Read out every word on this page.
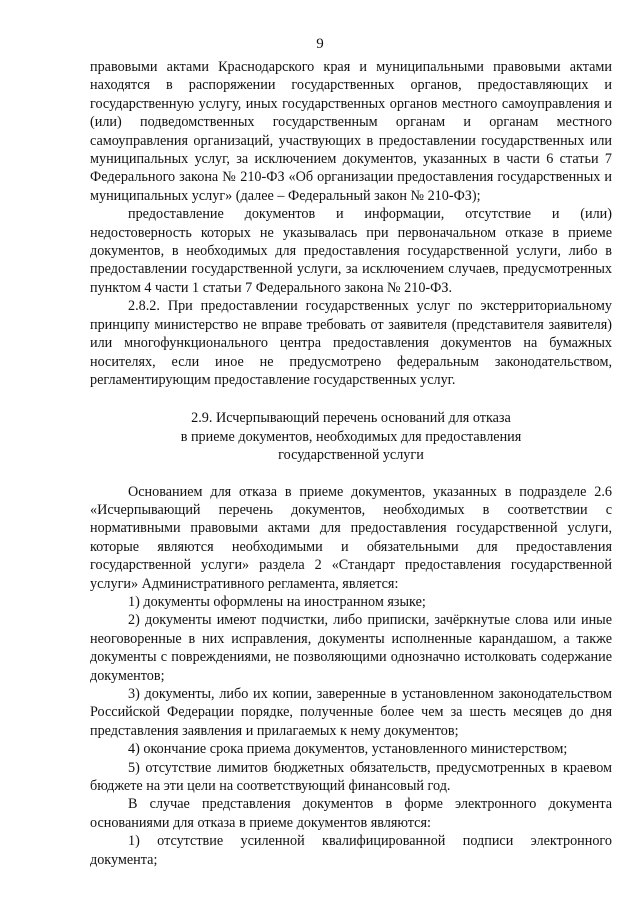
9

правовыми актами Краснодарского края и муниципальными правовыми актами находятся в распоряжении государственных органов, предоставляющих и государственную услугу, иных государственных органов местного самоуправления и (или) подведомственных государственным органам и органам местного самоуправления организаций, участвующих в предоставлении государственных или муниципальных услуг, за исключением документов, указанных в части 6 статьи 7 Федерального закона № 210-ФЗ «Об организации предоставления государственных и муниципальных услуг» (далее – Федеральный закон № 210-ФЗ);

предоставление документов и информации, отсутствие и (или) недостоверность которых не указывалась при первоначальном отказе в приеме документов, в необходимых для предоставления государственной услуги, либо в предоставлении государственной услуги, за исключением случаев, предусмотренных пунктом 4 части 1 статьи 7 Федерального закона № 210-ФЗ.

2.8.2. При предоставлении государственных услуг по экстерриториальному принципу министерство не вправе требовать от заявителя (представителя заявителя) или многофункционального центра предоставления документов на бумажных носителях, если иное не предусмотрено федеральным законодательством, регламентирующим предоставление государственных услуг.

2.9. Исчерпывающий перечень оснований для отказа
в приеме документов, необходимых для предоставления
государственной услуги

Основанием для отказа в приеме документов, указанных в подразделе 2.6 «Исчерпывающий перечень документов, необходимых в соответствии с нормативными правовыми актами для предоставления государственной услуги, которые являются необходимыми и обязательными для предоставления государственной услуги» раздела 2 «Стандарт предоставления государственной услуги» Административного регламента, является:

1) документы оформлены на иностранном языке;

2) документы имеют подчистки, либо приписки, зачёркнутые слова или иные неоговоренные в них исправления, документы исполненные карандашом, а также документы с повреждениями, не позволяющими однозначно истолковать содержание документов;

3) документы, либо их копии, заверенные в установленном законодательством Российской Федерации порядке, полученные более чем за шесть месяцев до дня представления заявления и прилагаемых к нему документов;

4) окончание срока приема документов, установленного министерством;

5) отсутствие лимитов бюджетных обязательств, предусмотренных в краевом бюджете на эти цели на соответствующий финансовый год.

В случае представления документов в форме электронного документа основаниями для отказа в приеме документов являются:

1) отсутствие усиленной квалифицированной подписи электронного документа;
